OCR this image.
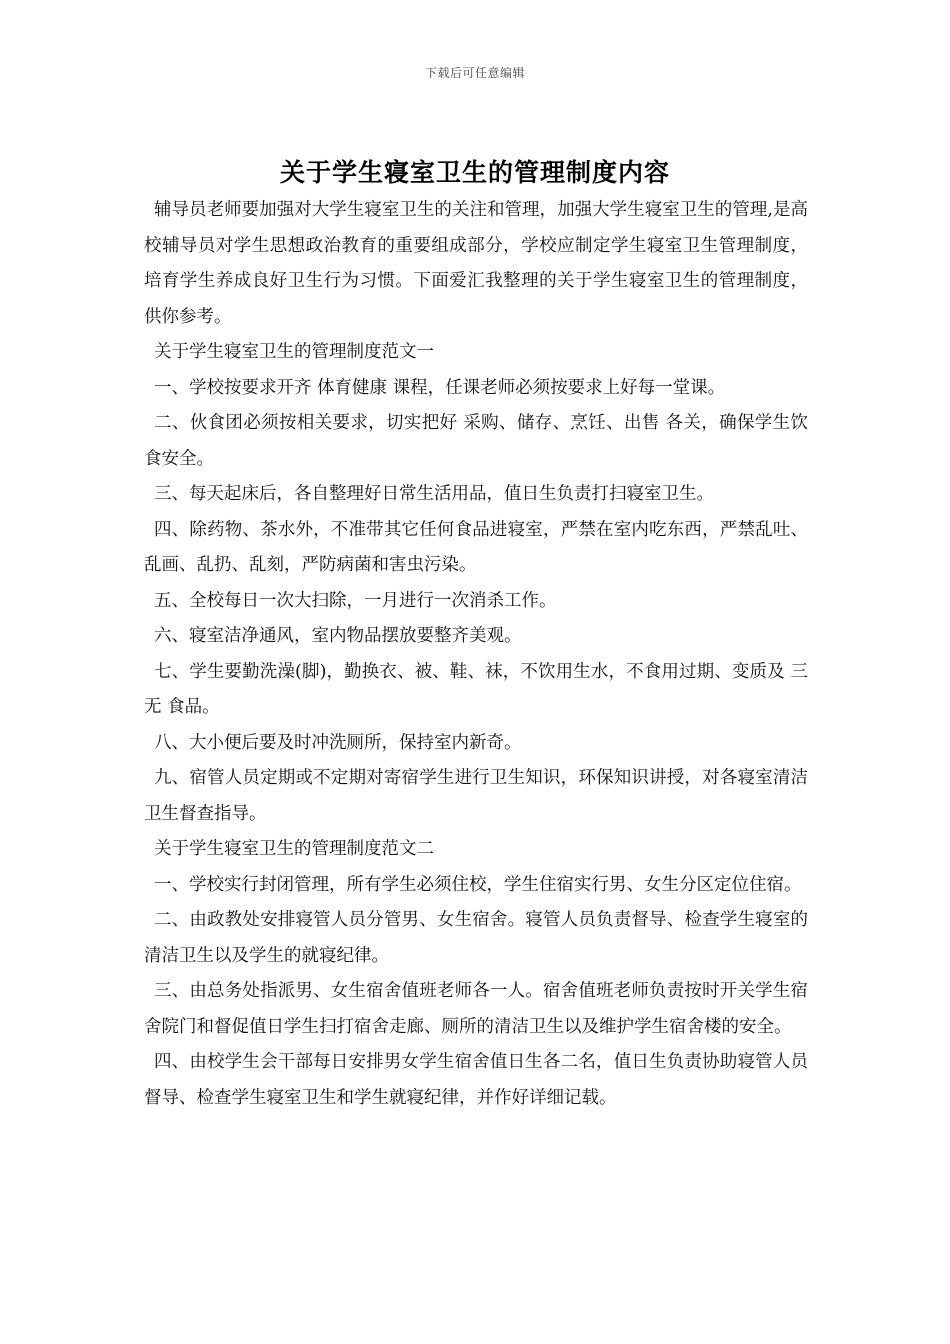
下载后可任意编辑
关于学生寝室卫生的管理制度内容

辅导员老师要加强对大学生寝室卫生的关注和管理，加强大学生寝室卫生的管理,是高校辅导员对学生思想政治教育的重要组成部分，学校应制定学生寝室卫生管理制度，培育学生养成良好卫生行为习惯。下面爱汇我整理的关于学生寝室卫生的管理制度，供你参考。

关于学生寝室卫生的管理制度范文一

一、学校按要求开齐 体育健康 课程，任课老师必须按要求上好每一堂课。

二、伙食团必须按相关要求，切实把好 采购、储存、烹饪、出售 各关，确保学生饮食安全。

三、每天起床后，各自整理好日常生活用品，值日生负责打扫寝室卫生。

四、除药物、茶水外，不准带其它任何食品进寝室，严禁在室内吃东西，严禁乱吐、乱画、乱扔、乱刻，严防病菌和害虫污染。

五、全校每日一次大扫除，一月进行一次消杀工作。

六、寝室洁净通风，室内物品摆放要整齐美观。

七、学生要勤洗澡(脚)，勤换衣、被、鞋、袜，不饮用生水，不食用过期、变质及 三无 食品。

八、大小便后要及时冲洗厕所，保持室内新奇。

九、宿管人员定期或不定期对寄宿学生进行卫生知识，环保知识讲授，对各寝室清洁卫生督查指导。

关于学生寝室卫生的管理制度范文二

一、学校实行封闭管理，所有学生必须住校，学生住宿实行男、女生分区定位住宿。

二、由政教处安排寝管人员分管男、女生宿舍。寝管人员负责督导、检查学生寝室的清洁卫生以及学生的就寝纪律。

三、由总务处指派男、女生宿舍值班老师各一人。宿舍值班老师负责按时开关学生宿舍院门和督促值日学生扫打宿舍走廊、厕所的清洁卫生以及维护学生宿舍楼的安全。

四、由校学生会干部每日安排男女学生宿舍值日生各二名，值日生负责协助寝管人员督导、检查学生寝室卫生和学生就寝纪律，并作好详细记载。
